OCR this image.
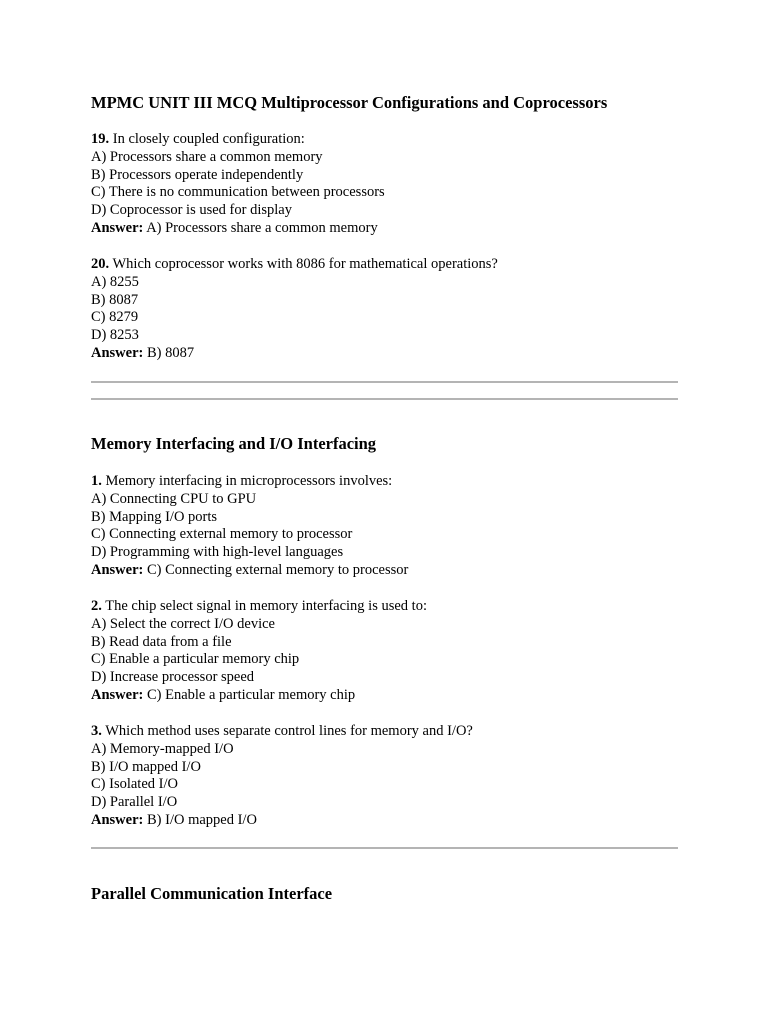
MPMC UNIT III MCQ Multiprocessor Configurations and Coprocessors
19. In closely coupled configuration:
A) Processors share a common memory
B) Processors operate independently
C) There is no communication between processors
D) Coprocessor is used for display
Answer: A) Processors share a common memory
20. Which coprocessor works with 8086 for mathematical operations?
A) 8255
B) 8087
C) 8279
D) 8253
Answer: B) 8087
Memory Interfacing and I/O Interfacing
1. Memory interfacing in microprocessors involves:
A) Connecting CPU to GPU
B) Mapping I/O ports
C) Connecting external memory to processor
D) Programming with high-level languages
Answer: C) Connecting external memory to processor
2. The chip select signal in memory interfacing is used to:
A) Select the correct I/O device
B) Read data from a file
C) Enable a particular memory chip
D) Increase processor speed
Answer: C) Enable a particular memory chip
3. Which method uses separate control lines for memory and I/O?
A) Memory-mapped I/O
B) I/O mapped I/O
C) Isolated I/O
D) Parallel I/O
Answer: B) I/O mapped I/O
Parallel Communication Interface
